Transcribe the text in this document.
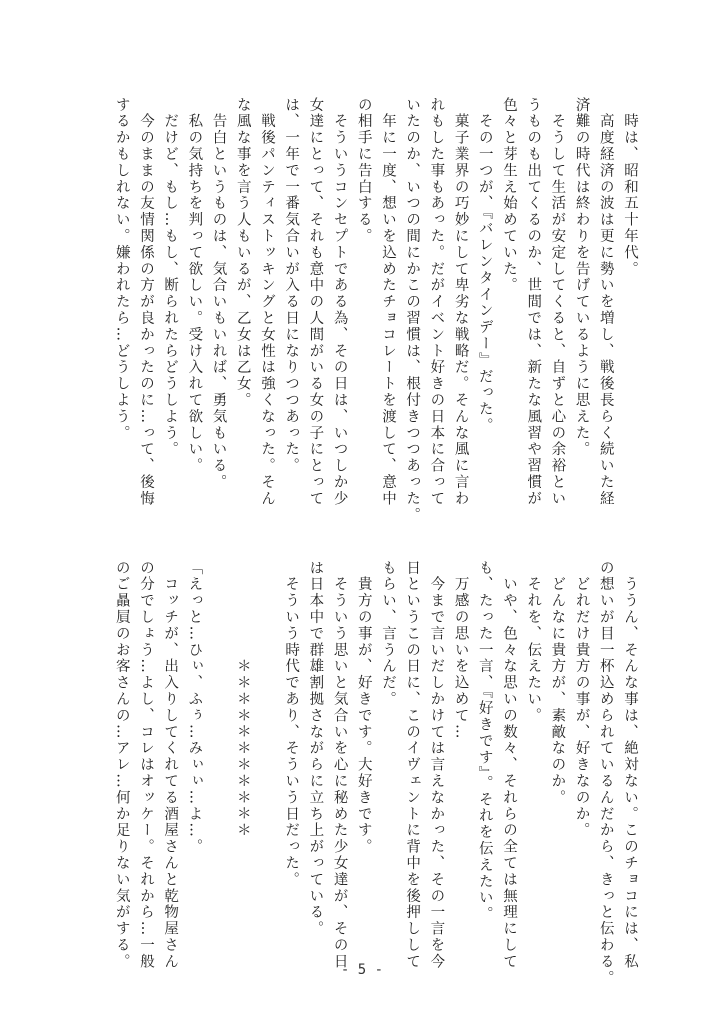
　時は、昭和五十年代。
　高度経済の波は更に勢いを増し、戦後長らく続いた経
済難の時代は終わりを告げているように思えた。
　そうして生活が安定してくると、自ずと心の余裕とい
うものも出てくるのか、世間では、新たな風習や習慣が
色々と芽生え始めていた。
　その一つが、『バレンタインデー』だった。
　菓子業界の巧妙にして卑劣な戦略だ。そんな風に言わ
れもした事もあった。だがイベント好きの日本に合って
いたのか、いつの間にかこの習慣は、根付きつつあった。
　年に一度、想いを込めたチョコレートを渡して、意中
の相手に告白する。
　そういうコンセプトである為、その日は、いつしか少
女達にとって、それも意中の人間がいる女の子にとって
は、一年で一番気合いが入る日になりつつあった。
　戦後パンティストッキングと女性は強くなった。そん
な風な事を言う人もいるが、乙女は乙女。
　告白というものは、気合いもいれば、勇気もいる。
　私の気持ちを判って欲しい。受け入れて欲しい。
　だけど、もし…もし、断られたらどうしよう。
　今のままの友情関係の方が良かったのに…って、後悔
するかもしれない。嫌われたら…どうしよう。
　ううん、そんな事は、絶対ない。このチョコには、私
の想いが目一杯込められているんだから、きっと伝わる。
　どれだけ貴方の事が、好きなのか。
　どんなに貴方が、素敵なのか。
　それを、伝えたい。
　いや、色々な思いの数々、それらの全ては無理にして
も、たった一言、『好きです』。それを伝えたい。
　万感の思いを込めて…
　今まで言いだしかけては言えなかった、その一言を今
日というこの日に、このイヴェントに背中を後押しして
もらい、言うんだ。
　貴方の事が、好きです。大好きです。
　そういう思いと気合いを心に秘めた少女達が、その日
は日本中で群雄割拠さながらに立ち上がっている。
　そういう時代であり、そういう日だった。

　　　　　　＊＊＊＊＊＊＊＊＊＊＊

「えっと…ひぃ、ふぅ…みぃぃ…よ…。
　コッチが、出入りしてくれてる酒屋さんと乾物屋さん
の分でしょう…よし、コレはオッケー。それから…一般
のご贔屓のお客さんの…アレ…何か足りない気がする。	- 5 -
